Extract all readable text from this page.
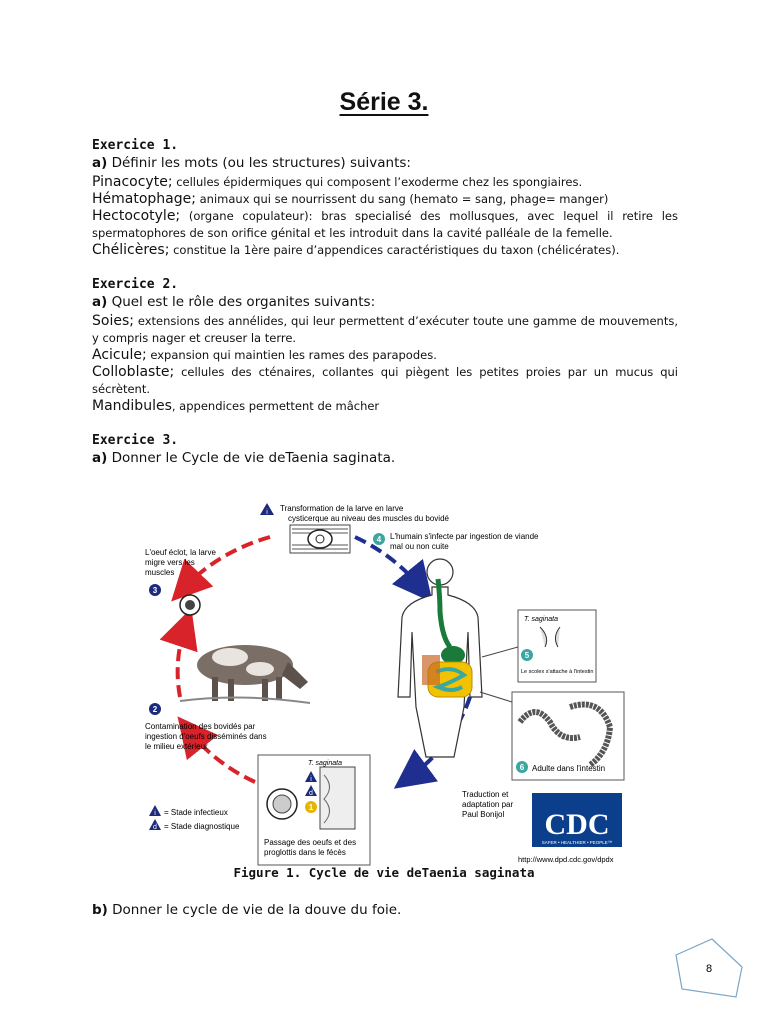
Série 3.
Exercice 1.
a) Définir les mots (ou les structures) suivants:

Pinacocyte; cellules épidermiques qui composent l’exoderme chez les spongiaires.

Hématophage; animaux qui se nourrissent du sang (hemato = sang, phage= manger)

Hectocotyle; (organe copulateur): bras specialisé des mollusques, avec lequel il retire les spermatophores de son orifice génital et les introduit dans la cavité palléale de la femelle.

Chélicères; constitue la 1ère paire d’appendices caractéristiques du taxon (chélicérates).

Exercice 2.
a) Quel est le rôle des organites suivants:

Soies; extensions des annélides, qui leur permettent d’exécuter toute une gamme de mouvements, y compris nager et creuser la terre.

Acicule; expansion qui maintien les rames des parapodes.

Colloblaste; cellules des cténaires, collantes qui piègent les petites proies par un mucus qui sécrètent.

Mandibules, appendices permettent de mâcher

Exercice 3.
a) Donner le Cycle de vie deTaenia saginata.
i Transformation de la larve en larve
cysticerque au niveau des muscles du bovidé
4 L'humain s'infecte par ingestion de viande
mal ou non cuite
L'oeuf éclot, la larve
migre vers les
muscles
3
2
Contamination des bovidés par
ingestion d'oeufs disséminés dans
le milieu extérieur
T. saginata
5
Le scolex s'attache à l'intestin
6 Adulte dans l'intestin
T. saginata
i
d
1
Passage des oeufs et des
proglottis dans le fécès
i = Stade infectieux
d = Stade diagnostique
Traduction et
adaptation par
Paul Bonijol CDC
SAFER • HEALTHIER • PEOPLE™
http://www.dpd.cdc.gov/dpdx
Figure 1. Cycle de vie deTaenia saginata
b) Donner le cycle de vie de la douve du foie.
8
